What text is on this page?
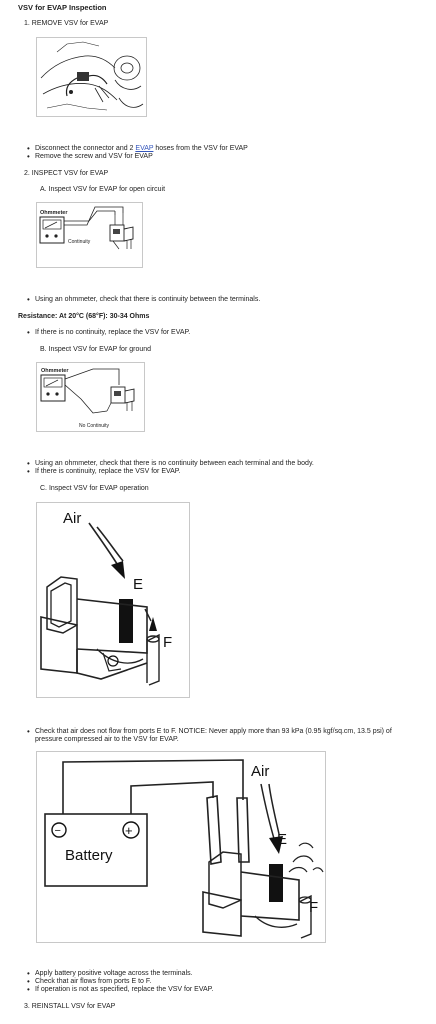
VSV for EVAP Inspection
1. REMOVE VSV for EVAP
• Disconnect the connector and 2 EVAP hoses from the VSV for EVAP
• Remove the screw and VSV for EVAP
2. INSPECT VSV for EVAP
A. Inspect VSV for EVAP for open circuit
Ohmmeter
Continuity
• Using an ohmmeter, check that there is continuity between the terminals.
Resistance: At 20°C (68°F): 30-34 Ohms
• If there is no continuity, replace the VSV for EVAP.
B. Inspect VSV for EVAP for ground
Ohmmeter
No Continuity
• Using an ohmmeter, check that there is no continuity between each terminal and the body.
• If there is continuity, replace the VSV for EVAP.
C. Inspect VSV for EVAP operation
Air
E
F
• Check that air does not flow from ports E to F. NOTICE: Never apply more than 93 kPa (0.95 kgf/sq.cm, 13.5 psi) of
pressure compressed air to the VSV for EVAP.
−	+
Battery
Air
E
F
• Apply battery positive voltage across the terminals.
• Check that air flows from ports E to F.
• If operation is not as specified, replace the VSV for EVAP.
3. REINSTALL VSV for EVAP
